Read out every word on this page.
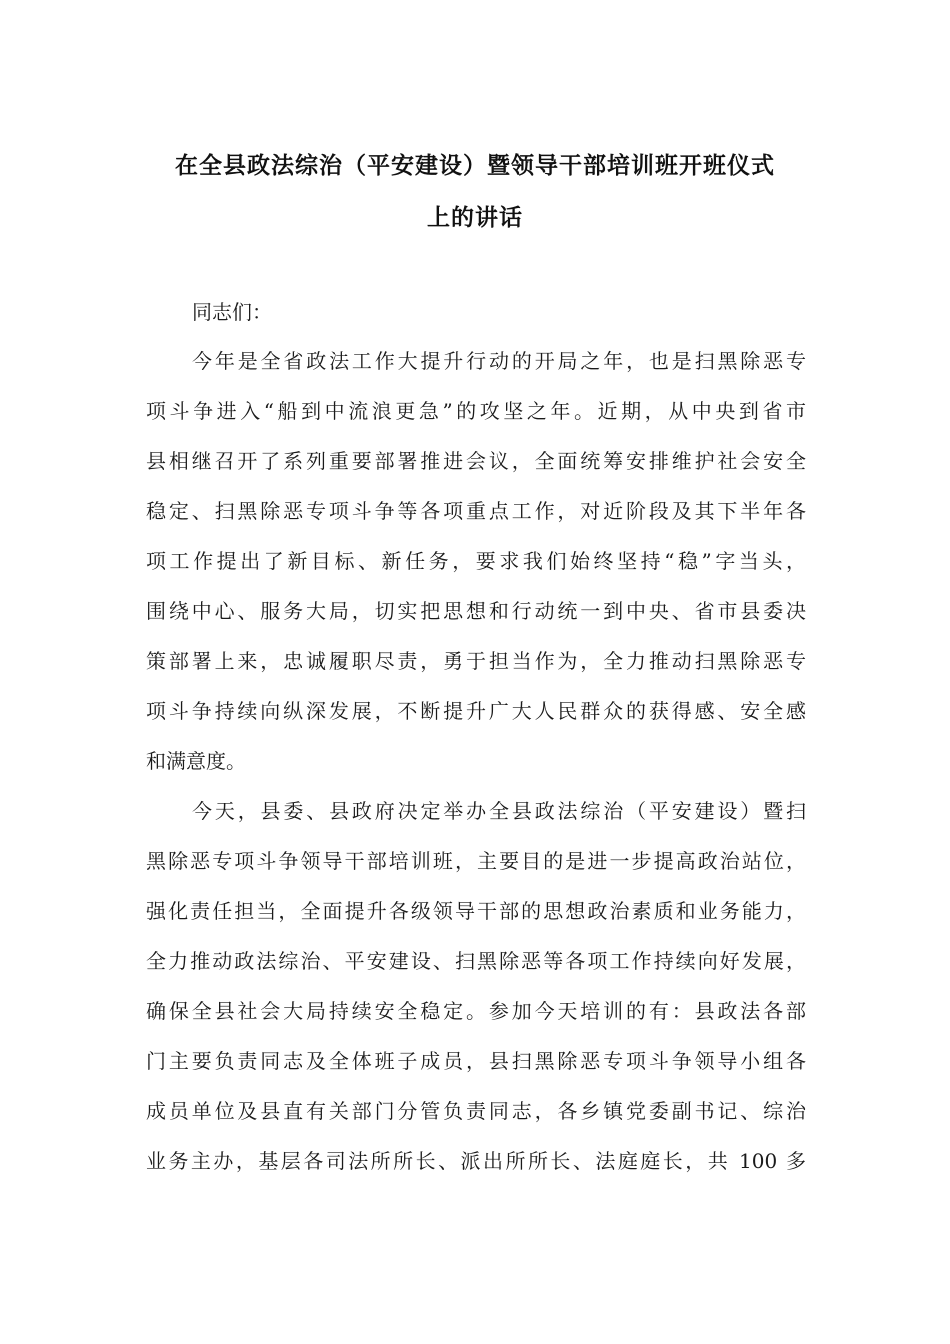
在全县政法综治（平安建设）暨领导干部培训班开班仪式
上的讲话
同志们：
今年是全省政法工作大提升行动的开局之年，也是扫黑除恶专
项斗争进入“船到中流浪更急”的攻坚之年。近期，从中央到省市
县相继召开了系列重要部署推进会议，全面统筹安排维护社会安全
稳定、扫黑除恶专项斗争等各项重点工作，对近阶段及其下半年各
项工作提出了新目标、新任务，要求我们始终坚持“稳”字当头，
围绕中心、服务大局，切实把思想和行动统一到中央、省市县委决
策部署上来，忠诚履职尽责，勇于担当作为，全力推动扫黑除恶专
项斗争持续向纵深发展，不断提升广大人民群众的获得感、安全感
和满意度。
今天，县委、县政府决定举办全县政法综治（平安建设）暨扫
黑除恶专项斗争领导干部培训班，主要目的是进一步提高政治站位，
强化责任担当，全面提升各级领导干部的思想政治素质和业务能力，
全力推动政法综治、平安建设、扫黑除恶等各项工作持续向好发展，
确保全县社会大局持续安全稳定。参加今天培训的有：县政法各部
门主要负责同志及全体班子成员，县扫黑除恶专项斗争领导小组各
成员单位及县直有关部门分管负责同志，各乡镇党委副书记、综治
业务主办，基层各司法所所长、派出所所长、法庭庭长，共 100 多
